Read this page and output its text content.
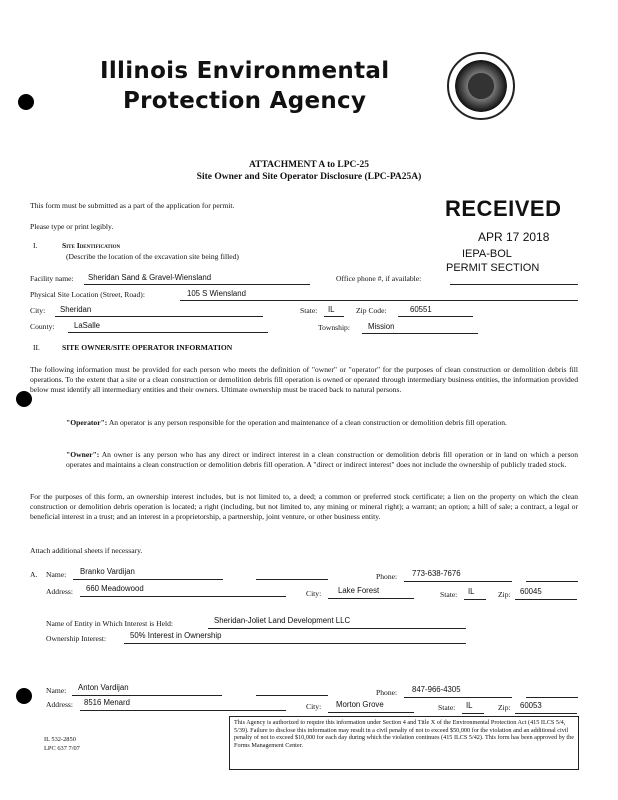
Illinois Environmental
Protection Agency
ATTACHMENT A to LPC-25
Site Owner and Site Operator Disclosure (LPC-PA25A)
RECEIVED
APR 17 2018
IEPA-BOL
PERMIT SECTION
This form must be submitted as a part of the application for permit.
Please type or print legibly.
I.	Site Identification
(Describe the location of the excavation site being filled)
Facility name: Sheridan Sand & Gravel-Wiensland	Office phone #, if available:
Physical Site Location (Street, Road):	105 S Wiensland
City: Sheridan	State: IL	Zip Code:	60551
County:	LaSalle	Township: Mission
II.	SITE OWNER/SITE OPERATOR INFORMATION
The following information must be provided for each person who meets the definition of "owner" or "operator" for the purposes of clean construction or demolition debris fill operations. To the extent that a site or a clean construction or demolition debris fill operation is owned or operated through intermediary business entities, the information provided below must identify all intermediary entities and their owners. Ultimate ownership must be traced back to natural persons.
"Operator": An operator is any person responsible for the operation and maintenance of a clean construction or demolition debris fill operation.
"Owner": An owner is any person who has any direct or indirect interest in a clean construction or demolition debris fill operation or in land on which a person operates and maintains a clean construction or demolition debris fill operation. A "direct or indirect interest" does not include the ownership of publicly traded stock.
For the purposes of this form, an ownership interest includes, but is not limited to, a deed; a common or preferred stock certificate; a lien on the property on which the clean construction or demolition debris operation is located; a right (including, but not limited to, any mining or mineral right); a warrant; an option; a hill of sale; a contract, a legal or beneficial interest in a trust; and an interest in a proprietorship, a partnership, joint venture, or other business entity.
Attach additional sheets if necessary.
A. Name: Branko Vardijan
Phone: 773-638-7676
Address: 660 Meadowood
City: Lake Forest	State: IL	Zip: 60045
Name of Entity in Which Interest is Held:	Sheridan-Joliet Land Development LLC
Ownership Interest:	50% Interest in Ownership
Name: Anton Vardijan
Phone: 847-966-4305
Address: 8516 Menard	City: Morton Grove	State: IL	Zip: 60053
IL 532-2850
LPC 637 7/07
This Agency is authorized to require this information under Section 4 and Title X of the Environmental Protection Act (415 ILCS 5/4, 5/39). Failure to disclose this information may result in a civil penalty of not to exceed $50,000 for the violation and an additional civil penalty of not to exceed $10,000 for each day during which the violation continues (415 ILCS 5/42). This form has been approved by the Forms Management Center.
